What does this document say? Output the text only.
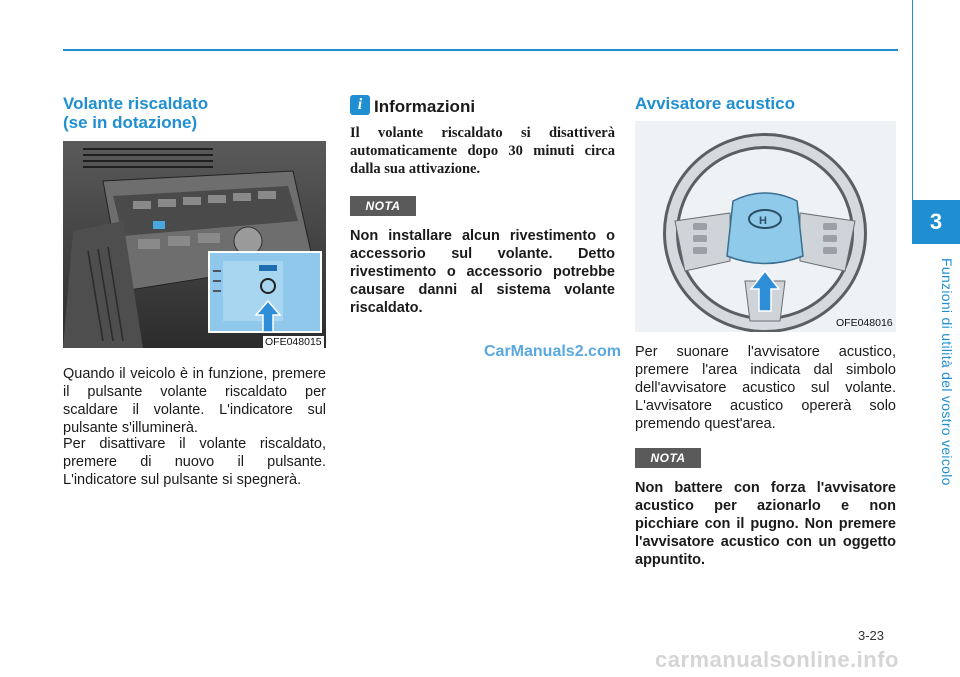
3
Funzioni di utilità del vostro veicolo
Volante riscaldato
(se in dotazione)
OFE048015

Quando il veicolo è in funzione, premere il pulsante volante riscaldato per scaldare il volante. L'indicatore sul pulsante s'illuminerà.

Per disattivare il volante riscaldato, premere di nuovo il pulsante. L'indicatore sul pulsante si spegnerà.

i Informazioni

Il volante riscaldato si disattiverà automaticamente dopo 30 minuti circa dalla sua attivazione.

NOTA

Non installare alcun rivestimento o accessorio sul volante. Detto rivestimento o accessorio potrebbe causare danni al sistema volante riscaldato.

CarManuals2.com
Avvisatore acustico
H
OFE048016

Per suonare l'avvisatore acustico, premere l'area indicata dal simbolo dell'avvisatore acustico sul volante. L'avvisatore acustico opererà solo premendo quest'area.

NOTA

Non battere con forza l'avvisatore acustico per azionarlo e non picchiare con il pugno. Non premere l'avvisatore acustico con un oggetto appuntito.

3-23
carmanualsonline.info
